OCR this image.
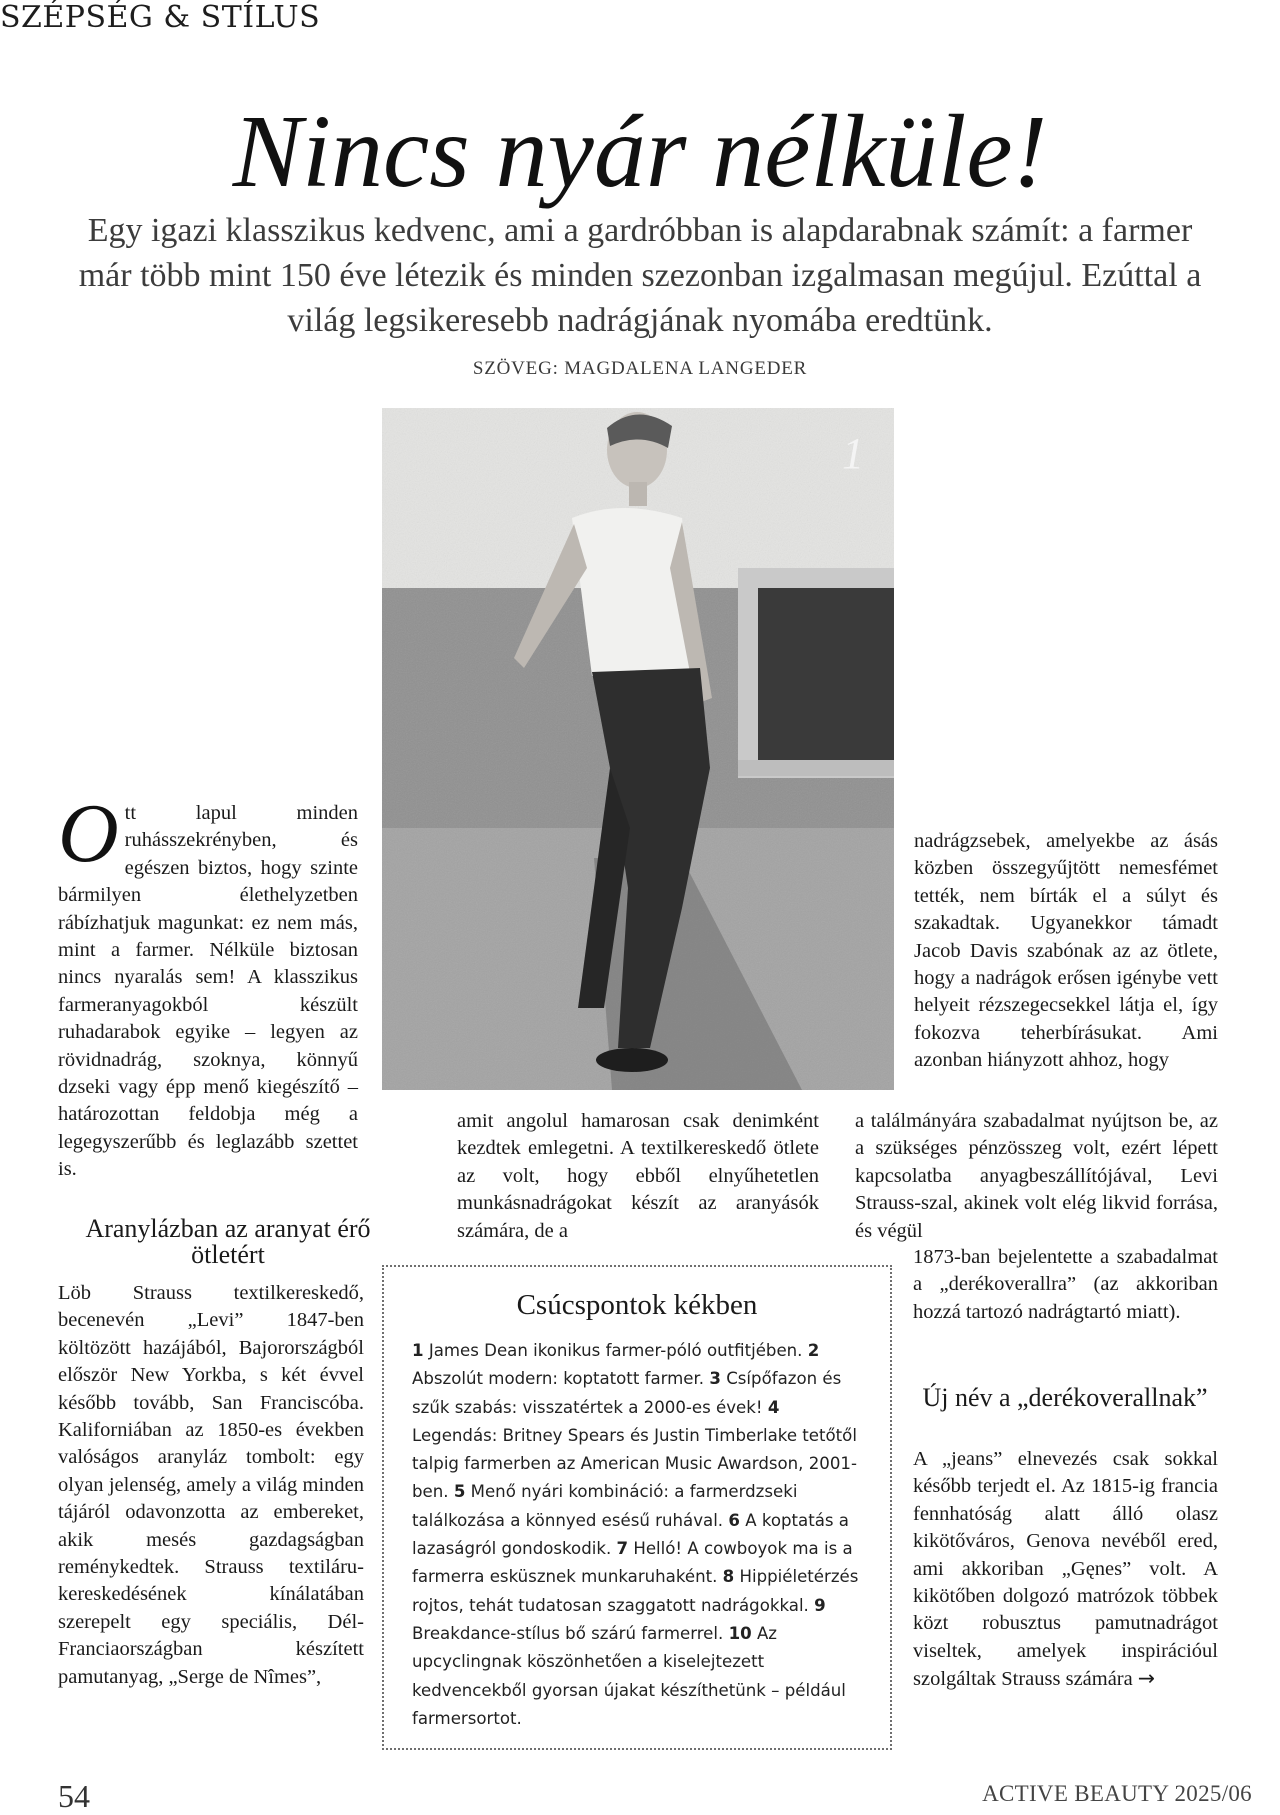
SZÉPSÉG & STÍLUS
Nincs nyár nélküle!
Egy igazi klasszikus kedvenc, ami a gardróbban is alapdarabnak számít: a farmer már több mint 150 éve létezik és minden szezonban izgalmasan megújul. Ezúttal a világ legsikeresebb nadrágjának nyomába eredtünk.
SZÖVEG: MAGDALENA LANGEDER
1
Ott lapul minden ruhásszekrényben, és egészen biztos, hogy szinte bármilyen élethelyzetben rábízhatjuk magunkat: ez nem más, mint a farmer. Nélküle biztosan nincs nyaralás sem! A klasszikus farmeranyagokból készült ruhadarabok egyike – legyen az rövidnadrág, szoknya, könnyű dzseki vagy épp menő kiegészítő – határozottan feldobja még a legegyszerűbb és leglazább szettet is.
Aranylázban az aranyat érő ötletért

Löb Strauss textilkereskedő, becenevén „Levi” 1847-ben költözött hazájából, Bajorországból először New Yorkba, s két évvel később tovább, San Franciscóba. Kaliforniában az 1850-es években valóságos aranyláz tombolt: egy olyan jelenség, amely a világ minden tájáról odavonzotta az embereket, akik mesés gazdagságban reménykedtek. Strauss textiláru-kereskedésének kínálatában szerepelt egy speciális, Dél-Franciaországban készített pamutanyag, „Serge de Nîmes”,

amit angolul hamarosan csak denimként kezdtek emlegetni. A textilkereskedő ötlete az volt, hogy ebből elnyűhetetlen munkásnadrágokat készít az aranyásók számára, de a

Csúcspontok kékben
1 James Dean ikonikus farmer-póló outfitjében. 2 Abszolút modern: koptatott farmer. 3 Csípőfazon és szűk szabás: visszatértek a 2000-es évek! 4 Legendás: Britney Spears és Justin Timberlake tetőtől talpig farmerben az American Music Awardson, 2001-ben. 5 Menő nyári kombináció: a farmerdzseki találkozása a könnyed esésű ruhával. 6 A koptatás a lazaságról gondoskodik. 7 Helló! A cowboyok ma is a farmerra esküsznek munkaruhaként. 8 Hippiéletérzés rojtos, tehát tudatosan szaggatott nadrágokkal. 9 Breakdance-stílus bő szárú farmerrel. 10 Az upcyclingnak köszönhetően a kiselejtezett kedvencekből gyorsan újakat készíthetünk – például farmersortot.

nadrágzsebek, amelyekbe az ásás közben összegyűjtött nemesfémet tették, nem bírták el a súlyt és szakadtak. Ugyanekkor támadt Jacob Davis szabónak az az ötlete, hogy a nadrágok erősen igénybe vett helyeit rézszegecsekkel látja el, így fokozva teherbírásukat. Ami azonban hiányzott ahhoz, hogy

a találmányára szabadalmat nyújtson be, az a szükséges pénzösszeg volt, ezért lépett kapcsolatba anyagbeszállítójával, Levi Strauss-szal, akinek volt elég likvid forrása, és végül

1873-ban bejelentette a szabadalmat a „derékoverallra” (az akkoriban hozzá tartozó nadrágtartó miatt).

Új név a „derékoverallnak”

A „jeans” elnevezés csak sokkal később terjedt el. Az 1815-ig francia fennhatóság alatt álló olasz kikötőváros, Genova nevéből ered, ami akkoriban „Gęnes” volt. A kikötőben dolgozó matrózok többek közt robusztus pamutnadrágot viseltek, amelyek inspirációul szolgáltak Strauss számára →

54	ACTIVE BEAUTY 2025/06
